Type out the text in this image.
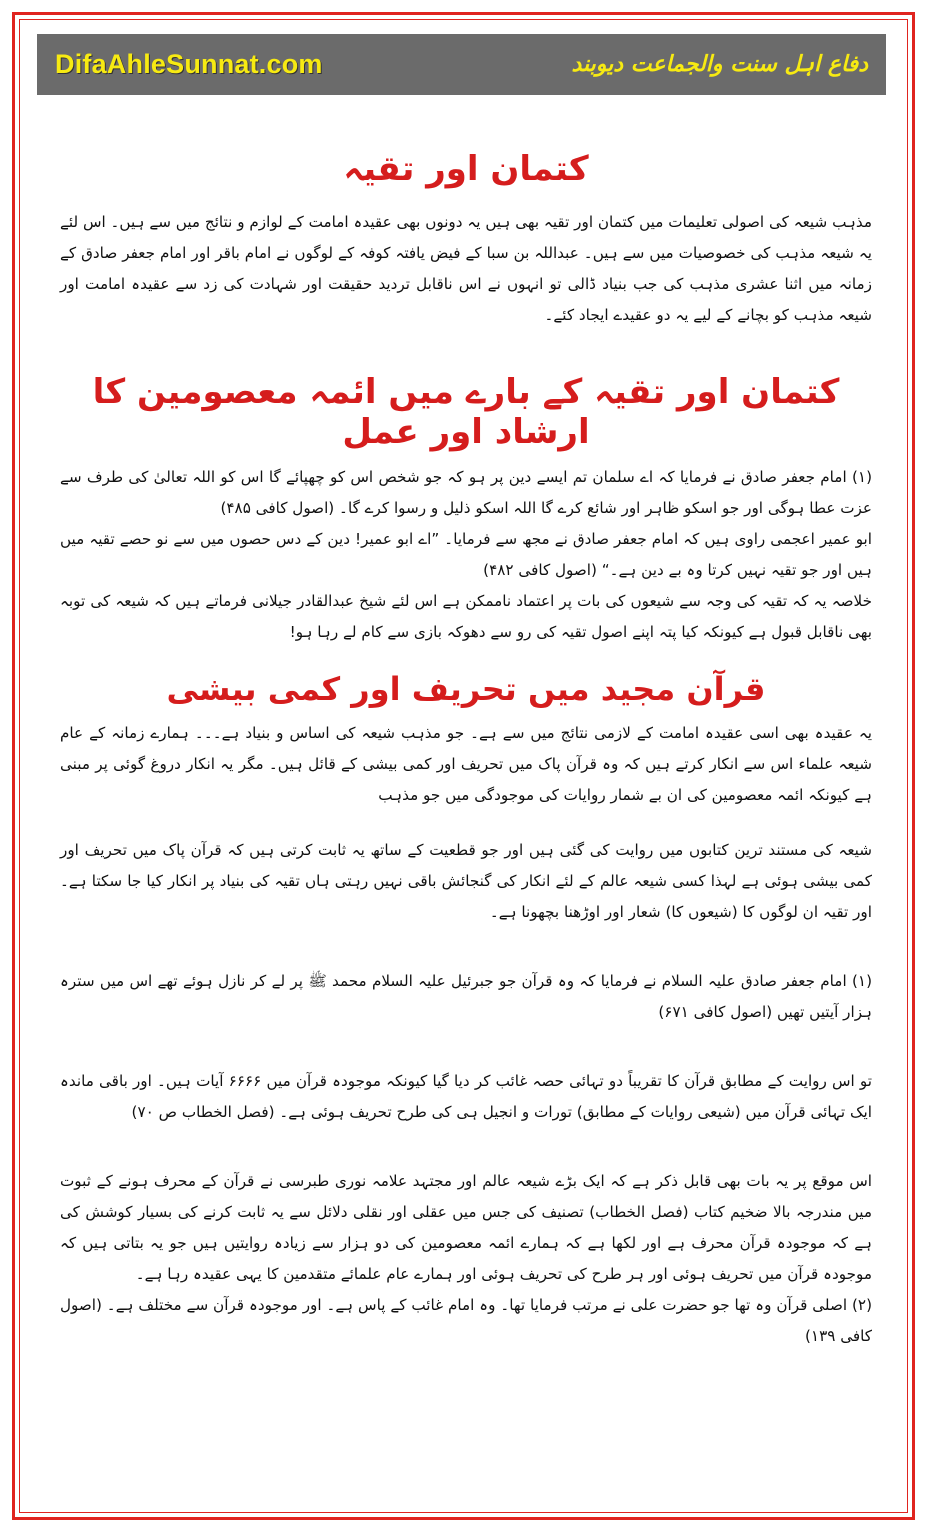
DifaAhleSunnat.com	دفاع اہل سنت والجماعت دیوبند
کتمان اور تقیہ

مذہب شیعہ کی اصولی تعلیمات میں کتمان اور تقیہ بھی ہیں یہ دونوں بھی عقیدہ امامت کے لوازم و نتائج میں سے ہیں۔ اس لئے یہ شیعہ مذہب کی خصوصیات میں سے ہیں۔ عبداللہ بن سبا کے فیض یافتہ کوفہ کے لوگوں نے امام باقر اور امام جعفر صادق کے زمانہ میں اثنا عشری مذہب کی جب بنیاد ڈالی تو انہوں نے اس ناقابل تردید حقیقت اور شہادت کی زد سے عقیدہ امامت اور شیعہ مذہب کو بچانے کے لیے یہ دو عقیدے ایجاد کئے۔

کتمان اور تقیہ کے بارے میں ائمہ معصومین کا ارشاد اور عمل

(۱) امام جعفر صادق نے فرمایا کہ اے سلمان تم ایسے دین پر ہو کہ جو شخص اس کو چھپائے گا اس کو اللہ تعالیٰ کی طرف سے عزت عطا ہوگی اور جو اسکو ظاہر اور شائع کرے گا اللہ اسکو ذلیل و رسوا کرے گا۔ (اصول کافی ۴۸۵)

ابو عمیر اعجمی راوی ہیں کہ امام جعفر صادق نے مجھ سے فرمایا۔ ”اے ابو عمیر! دین کے دس حصوں میں سے نو حصے تقیہ میں ہیں اور جو تقیہ نہیں کرتا وہ بے دین ہے۔“ (اصول کافی ۴۸۲)

خلاصہ یہ کہ تقیہ کی وجہ سے شیعوں کی بات پر اعتماد ناممکن ہے اس لئے شیخ عبدالقادر جیلانی فرماتے ہیں کہ شیعہ کی توبہ بھی ناقابل قبول ہے کیونکہ کیا پتہ اپنے اصول تقیہ کی رو سے دھوکہ بازی سے کام لے رہا ہو!

قرآن مجید میں تحریف اور کمی بیشی

یہ عقیدہ بھی اسی عقیدہ امامت کے لازمی نتائج میں سے ہے۔ جو مذہب شیعہ کی اساس و بنیاد ہے۔۔۔ ہمارے زمانہ کے عام شیعہ علماء اس سے انکار کرتے ہیں کہ وہ قرآن پاک میں تحریف اور کمی بیشی کے قائل ہیں۔ مگر یہ انکار دروغ گوئی پر مبنی ہے کیونکہ ائمہ معصومین کی ان بے شمار روایات کی موجودگی میں جو مذہب

شیعہ کی مستند ترین کتابوں میں روایت کی گئی ہیں اور جو قطعیت کے ساتھ یہ ثابت کرتی ہیں کہ قرآن پاک میں تحریف اور کمی بیشی ہوئی ہے لہذا کسی شیعہ عالم کے لئے انکار کی گنجائش باقی نہیں رہتی ہاں تقیہ کی بنیاد پر انکار کیا جا سکتا ہے۔ اور تقیہ ان لوگوں کا (شیعوں کا) شعار اور اوڑھنا بچھونا ہے۔

(۱) امام جعفر صادق علیہ السلام نے فرمایا کہ وہ قرآن جو جبرئیل علیہ السلام محمد ﷺ پر لے کر نازل ہوئے تھے اس میں سترہ ہزار آیتیں تھیں (اصول کافی ۶۷۱)

تو اس روایت کے مطابق قرآن کا تقریباً دو تہائی حصہ غائب کر دیا گیا کیونکہ موجودہ قرآن میں ۶۶۶۶ آیات ہیں۔ اور باقی ماندہ ایک تہائی قرآن میں (شیعی روایات کے مطابق) تورات و انجیل ہی کی طرح تحریف ہوئی ہے۔ (فصل الخطاب ص ۷۰)

اس موقع پر یہ بات بھی قابل ذکر ہے کہ ایک بڑے شیعہ عالم اور مجتہد علامہ نوری طبرسی نے قرآن کے محرف ہونے کے ثبوت میں مندرجہ بالا ضخیم کتاب (فصل الخطاب) تصنیف کی جس میں عقلی اور نقلی دلائل سے یہ ثابت کرنے کی بسیار کوشش کی ہے کہ موجودہ قرآن محرف ہے اور لکھا ہے کہ ہمارے ائمہ معصومین کی دو ہزار سے زیادہ روایتیں ہیں جو یہ بتاتی ہیں کہ موجودہ قرآن میں تحریف ہوئی اور ہر طرح کی تحریف ہوئی اور ہمارے عام علمائے متقدمین کا یہی عقیدہ رہا ہے۔

(۲) اصلی قرآن وہ تھا جو حضرت علی نے مرتب فرمایا تھا۔ وہ امام غائب کے پاس ہے۔ اور موجودہ قرآن سے مختلف ہے۔ (اصول کافی ۱۳۹)
